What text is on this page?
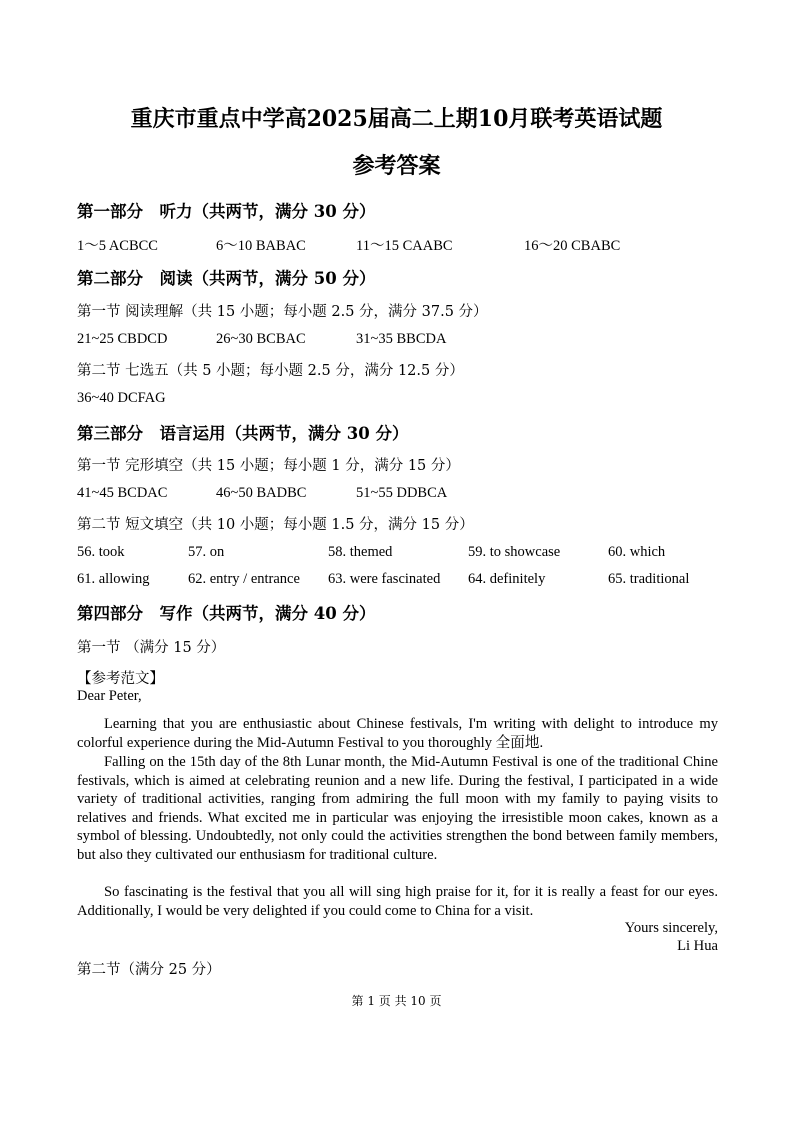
重庆市重点中学高2025届高二上期10月联考英语试题
参考答案
第一部分　听力（共两节，满分 30 分）
1～5 ACBCC	6～10 BABAC	11～15 CAABC	16～20 CBABC
第二部分　阅读（共两节，满分 50 分）
第一节 阅读理解（共 15 小题；每小题 2.5 分，满分 37.5 分）
21~25 CBDCD	26~30 BCBAC	31~35 BBCDA
第二节 七选五（共 5 小题；每小题 2.5 分，满分 12.5 分）
36~40 DCFAG
第三部分　语言运用（共两节，满分 30 分）
第一节 完形填空（共 15 小题；每小题 1 分，满分 15 分）
41~45 BCDAC	46~50 BADBC	51~55 DDBCA
第二节 短文填空（共 10 小题；每小题 1.5 分，满分 15 分）
56. took	57. on	58. themed	59. to showcase	60. which
61. allowing	62. entry / entrance 63. were fascinated 64. definitely	65. traditional
第四部分　写作（共两节，满分 40 分）
第一节 （满分 15 分）
【参考范文】
Dear Peter,

Learning that you are enthusiastic about Chinese festivals, I'm writing with delight to introduce my colorful experience during the Mid-Autumn Festival to you thoroughly 全面地.

Falling on the 15th day of the 8th Lunar month, the Mid-Autumn Festival is one of the traditional Chine festivals, which is aimed at celebrating reunion and a new life. During the festival, I participated in a wide variety of traditional activities, ranging from admiring the full moon with my family to paying visits to relatives and friends. What excited me in particular was enjoying the irresistible moon cakes, known as a symbol of blessing. Undoubtedly, not only could the activities strengthen the bond between family members, but also they cultivated our enthusiasm for traditional culture.

So fascinating is the festival that you all will sing high praise for it, for it is really a feast for our eyes. Additionally, I would be very delighted if you could come to China for a visit.

Yours sincerely,
Li Hua
第二节（满分 25 分）
第 1 页 共 10 页
